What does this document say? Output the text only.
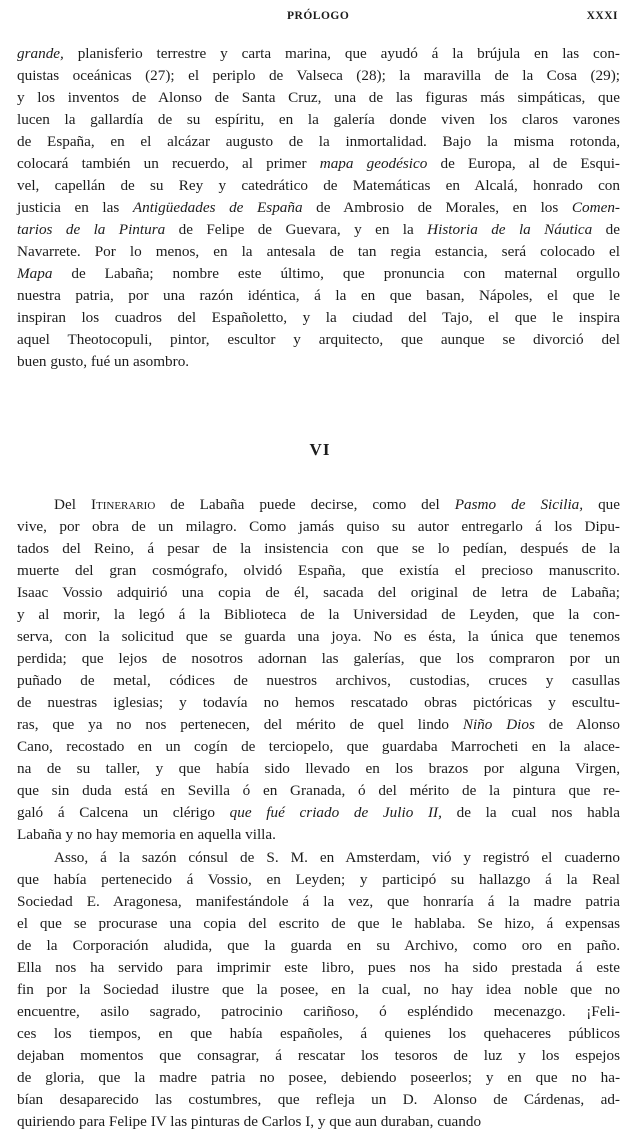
PRÓLOGO	XXXI
grande, planisferio terrestre y carta marina, que ayudó á la brújula en las con-
quistas oceánicas (27); el periplo de Valseca (28); la maravilla de la Cosa (29);
y los inventos de Alonso de Santa Cruz, una de las figuras más simpáticas, que
lucen la gallardía de su espíritu, en la galería donde viven los claros varones
de España, en el alcázar augusto de la inmortalidad. Bajo la misma rotonda,
colocará también un recuerdo, al primer mapa geodésico de Europa, al de Esqui-
vel, capellán de su Rey y catedrático de Matemáticas en Alcalá, honrado con
justicia en las Antigüedades de España de Ambrosio de Morales, en los Comen-
tarios de la Pintura de Felipe de Guevara, y en la Historia de la Náutica de
Navarrete. Por lo menos, en la antesala de tan regia estancia, será colocado el
Mapa de Labaña; nombre este último, que pronuncia con maternal orgullo
nuestra patria, por una razón idéntica, á la en que basan, Nápoles, el que le
inspiran los cuadros del Españoletto, y la ciudad del Tajo, el que le inspira
aquel Theotocopuli, pintor, escultor y arquitecto, que aunque se divorció del
buen gusto, fué un asombro.
VI
Del Itinerario de Labaña puede decirse, como del Pasmo de Sicilia, que
vive, por obra de un milagro. Como jamás quiso su autor entregarlo á los Dipu-
tados del Reino, á pesar de la insistencia con que se lo pedían, después de la
muerte del gran cosmógrafo, olvidó España, que existía el precioso manuscrito.
Isaac Vossio adquirió una copia de él, sacada del original de letra de Labaña;
y al morir, la legó á la Biblioteca de la Universidad de Leyden, que la con-
serva, con la solicitud que se guarda una joya. No es ésta, la única que tenemos
perdida; que lejos de nosotros adornan las galerías, que los compraron por un
puñado de metal, códices de nuestros archivos, custodias, cruces y casullas
de nuestras iglesias; y todavía no hemos rescatado obras pictóricas y escultu-
ras, que ya no nos pertenecen, del mérito de quel lindo Niño Dios de Alonso
Cano, recostado en un cogín de terciopelo, que guardaba Marrocheti en la alace-
na de su taller, y que había sido llevado en los brazos por alguna Virgen,
que sin duda está en Sevilla ó en Granada, ó del mérito de la pintura que re-
galó á Calcena un clérigo que fué criado de Julio II, de la cual nos habla
Labaña y no hay memoria en aquella villa.
Asso, á la sazón cónsul de S. M. en Amsterdam, vió y registró el cuaderno
que había pertenecido á Vossio, en Leyden; y participó su hallazgo á la Real
Sociedad E. Aragonesa, manifestándole á la vez, que honraría á la madre patria
el que se procurase una copia del escrito de que le hablaba. Se hizo, á expensas
de la Corporación aludida, que la guarda en su Archivo, como oro en paño.
Ella nos ha servido para imprimir este libro, pues nos ha sido prestada á este
fin por la Sociedad ilustre que la posee, en la cual, no hay idea noble que no
encuentre, asilo sagrado, patrocinio cariñoso, ó espléndido mecenazgo. ¡Feli-
ces los tiempos, en que había españoles, á quienes los quehaceres públicos
dejaban momentos que consagrar, á rescatar los tesoros de luz y los espejos
de gloria, que la madre patria no posee, debiendo poseerlos; y en que no ha-
bían desaparecido las costumbres, que refleja un D. Alonso de Cárdenas, ad-
quiriendo para Felipe IV las pinturas de Carlos I, y que aun duraban, cuando
